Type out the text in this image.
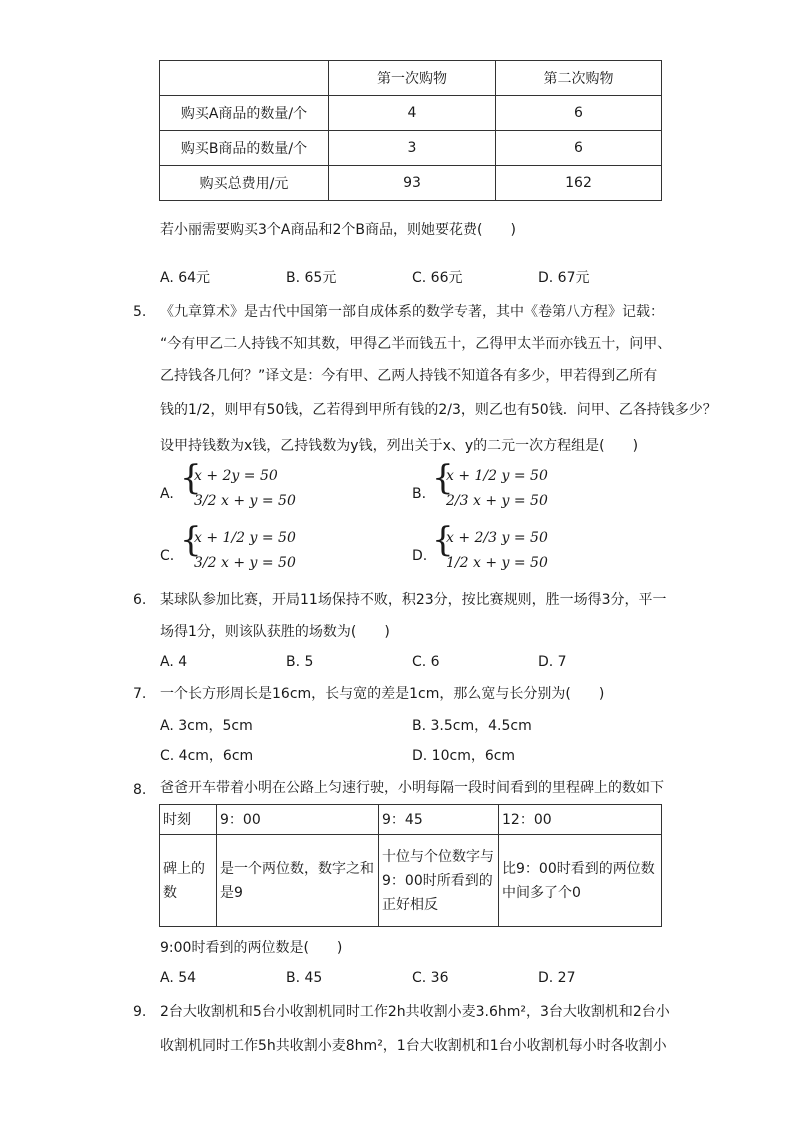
	第一次购物	第二次购物
购买A商品的数量/个	4	6
购买B商品的数量/个	3	6
购买总费用/元	93	162
若小丽需要购买3个A商品和2个B商品，则她要花费(　　)
A. 64元	B. 65元	C. 66元	D. 67元
5. 《九章算术》是古代中国第一部自成体系的数学专著，其中《卷第八方程》记载：
“今有甲乙二人持钱不知其数，甲得乙半而钱五十，乙得甲太半而亦钱五十，问甲、
乙持钱各几何？”译文是：今有甲、乙两人持钱不知道各有多少，甲若得到乙所有
钱的1/2，则甲有50钱，乙若得到甲所有钱的2/3，则乙也有50钱．问甲、乙各持钱多少？
设甲持钱数为x钱，乙持钱数为y钱，列出关于x、y的二元一次方程组是(　　)
A. {
x + 2y = 50
3/2 x + y = 50	B. {
x + 1/2 y = 50
2/3 x + y = 50
C. {
x + 1/2 y = 50
3/2 x + y = 50	D. {
x + 2/3 y = 50
1/2 x + y = 50
6. 某球队参加比赛，开局11场保持不败，积23分，按比赛规则，胜一场得3分，平一
场得1分，则该队获胜的场数为(　　)
A. 4	B. 5	C. 6	D. 7
7. 一个长方形周长是16cm，长与宽的差是1cm，那么宽与长分别为(　　)
A. 3cm，5cm	B. 3.5cm，4.5cm
C. 4cm，6cm	D. 10cm，6cm
8. 爸爸开车带着小明在公路上匀速行驶，小明每隔一段时间看到的里程碑上的数如下
时刻	9：00	9：45	12：00
碑上的数	是一个两位数，数字之和是9	十位与个位数字与9：00时所看到的正好相反	比9：00时看到的两位数中间多了个0
9:00时看到的两位数是(　　)
A. 54	B. 45	C. 36	D. 27
9. 2台大收割机和5台小收割机同时工作2h共收割小麦3.6hm²，3台大收割机和2台小
收割机同时工作5h共收割小麦8hm²，1台大收割机和1台小收割机每小时各收割小
